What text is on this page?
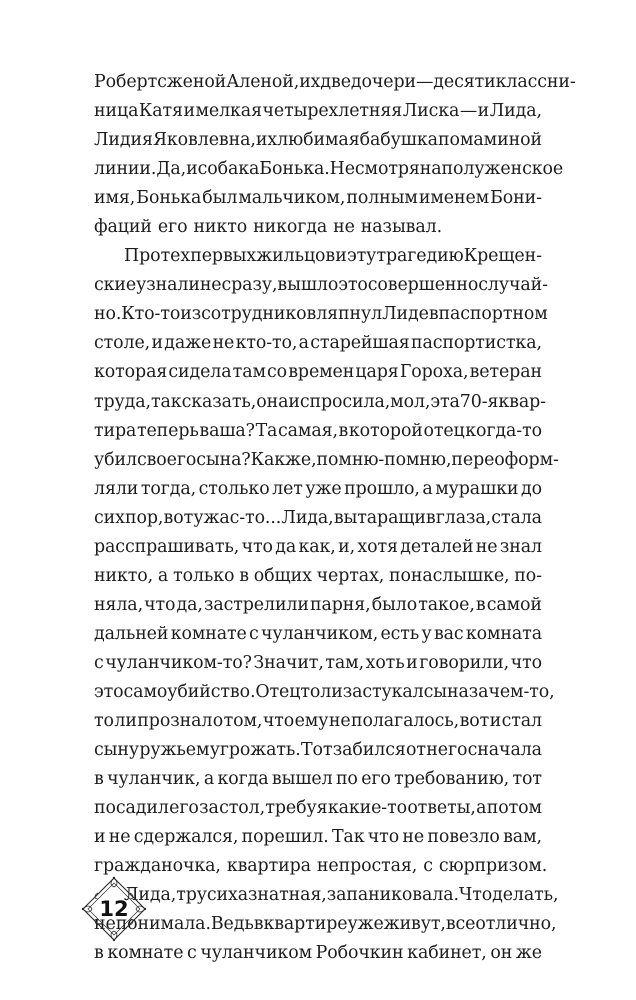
Роберт с женой Аленой, их две дочери — десятиклассни-
ница Катя и мелкая четырехлетняя Лиска — и Лида,
Лидия Яковлевна, их любимая бабушка по маминой
линии. Да, и собака Бонька. Несмотря на полуженское
имя, Бонька был мальчиком, полным именем Бони-
фаций его никто никогда не называл.
Про тех первых жильцов и эту трагедию Крещен-
ские узнали не сразу, вышло это совершенно случай-
но. Кто-то из сотрудников ляпнул Лиде в паспортном
столе, и даже не кто-то, а старейшая паспортистка,
которая сидела там со времен царя Гороха, ветеран
труда, так сказать, она и спросила, мол, эта 70-я квар-
тира теперь ваша? Та самая, в которой отец когда-то
убил своего сына? Как же, помню-помню, переоформ-
ляли тогда, столько лет уже прошло, а мурашки до
сих пор, вот ужас-то... Лида, вытаращив глаза, стала
расспрашивать, что да как, и, хотя деталей не знал
никто, а только в общих чертах, понаслышке, по-
няла, что да, застрелили парня, было такое, в самой
дальней комнате с чуланчиком, есть у вас комната
с чуланчиком-то? Значит, там, хоть и говорили, что
это самоубийство. Отец то ли застукал сына за чем-то,
то ли прознал о том, что ему не полагалось, вот и стал
сыну ружьем угрожать. Тот забился от него сначала
в чуланчик, а когда вышел по его требованию, тот
посадил его за стол, требуя какие-то ответы, а потом
и не сдержался, порешил. Так что не повезло вам,
гражданочка, квартира непростая, с сюрпризом.
Лида, трусиха знатная, запаниковала. Что делать,
не понимала. Ведь в квартире уже живут, все отлично,
в комнате с чуланчиком Робочкин кабинет, он же
12
